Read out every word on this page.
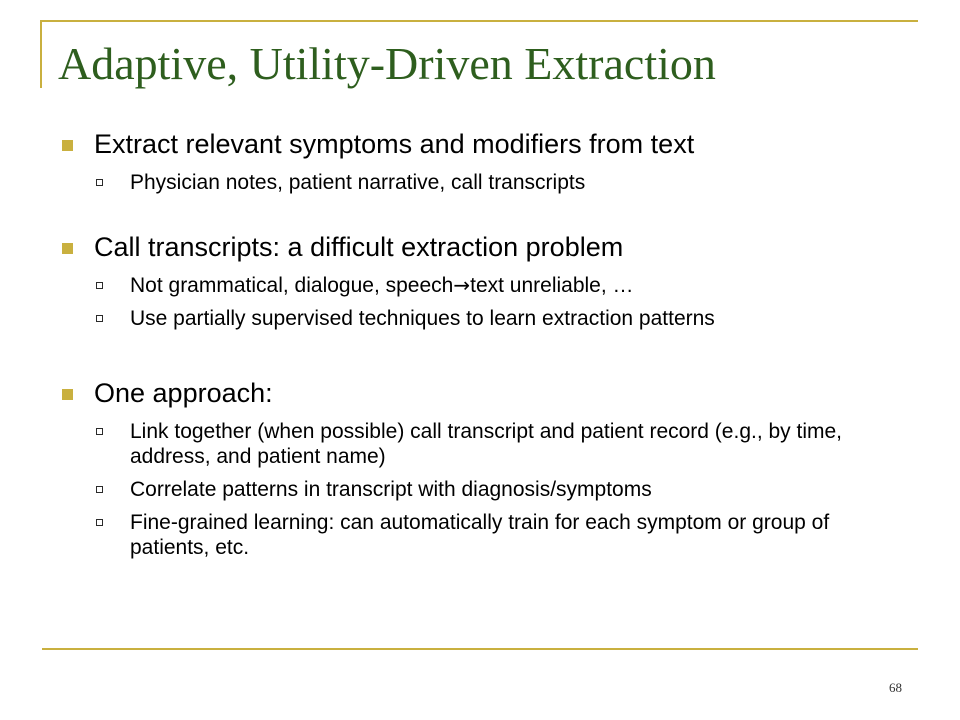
Adaptive, Utility-Driven Extraction
Extract relevant symptoms and modifiers from text
Physician notes, patient narrative, call transcripts
Call transcripts: a difficult extraction problem
Not grammatical, dialogue, speech→text unreliable, …
Use partially supervised techniques to learn extraction patterns
One approach:
Link together (when possible) call transcript and patient record (e.g., by time, address, and patient name)
Correlate patterns in transcript with diagnosis/symptoms
Fine-grained learning: can automatically train for each symptom or group of patients, etc.
68
